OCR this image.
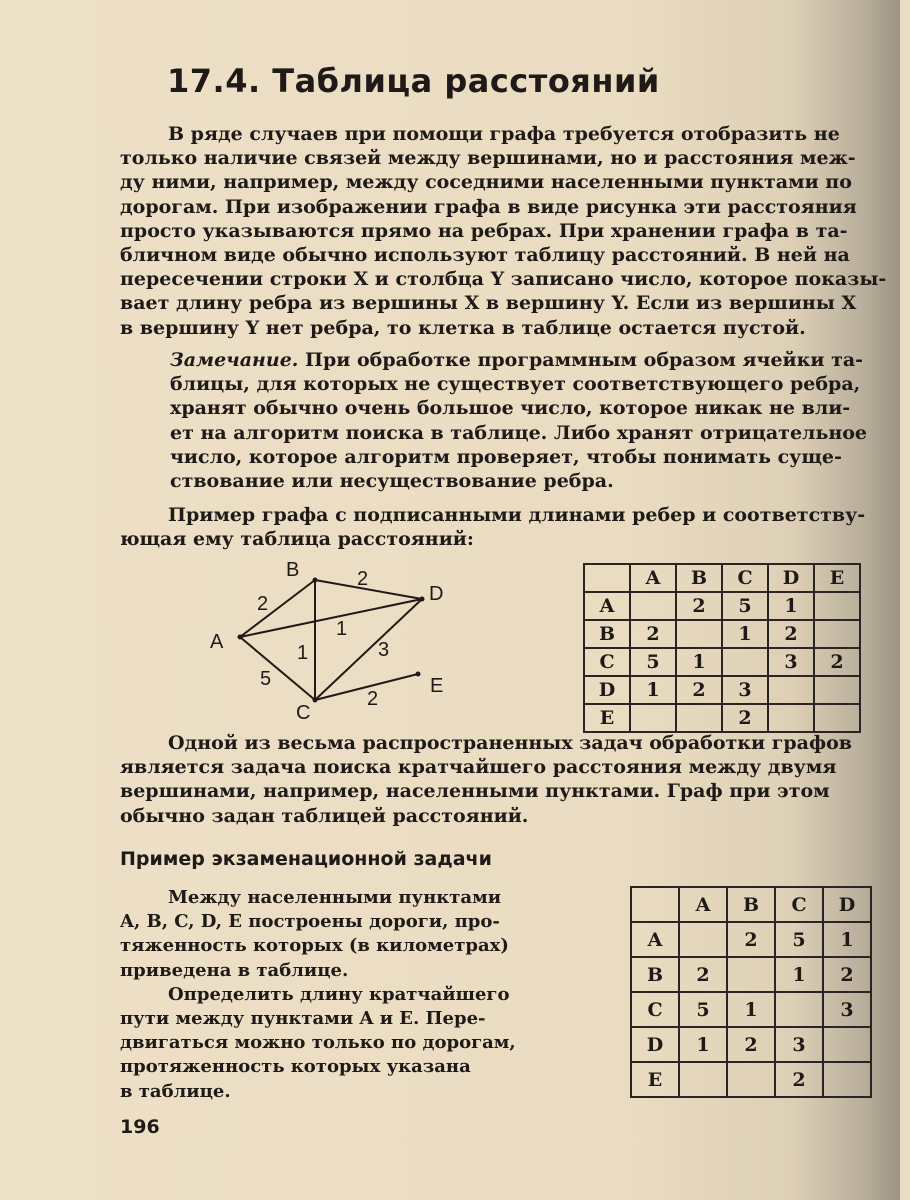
17.4. Таблица расстояний
В ряде случаев при помощи графа требуется отобразить не
только наличие связей между вершинами, но и расстояния меж-
ду ними, например, между соседними населенными пунктами по
дорогам. При изображении графа в виде рисунка эти расстояния
просто указываются прямо на ребрах. При хранении графа в та-
бличном виде обычно используют таблицу расстояний. В ней на
пересечении строки X и столбца Y записано число, которое показы-
вает длину ребра из вершины X в вершину Y. Если из вершины X
в вершину Y нет ребра, то клетка в таблице остается пустой.
Замечание. При обработке программным образом ячейки та-
блицы, для которых не существует соответствующего ребра,
хранят обычно очень большое число, которое никак не вли-
ет на алгоритм поиска в таблице. Либо хранят отрицательное
число, которое алгоритм проверяет, чтобы понимать суще-
ствование или несуществование ребра.
Пример графа с подписанными длинами ребер и соответству-
ющая ему таблица расстояний:
A
B
C
D
E
2
2
1
1
5
3
2
	A	B	C	D	E
A		2	5	1	
B	2		1	2	
C	5	1		3	2
D	1	2	3		
E			2		
Одной из весьма распространенных задач обработки графов
является задача поиска кратчайшего расстояния между двумя
вершинами, например, населенными пунктами. Граф при этом
обычно задан таблицей расстояний.
Пример экзаменационной задачи
Между населенными пунктами
A, B, C, D, E построены дороги, про-
тяженность которых (в километрах)
приведена в таблице.
Определить длину кратчайшего
пути между пунктами A и E. Пере-
двигаться можно только по дорогам,
протяженность которых указана
в таблице.
	A	B	C	D
A		2	5	1
B	2		1	2
C	5	1		3
D	1	2	3	
E			2	
196
